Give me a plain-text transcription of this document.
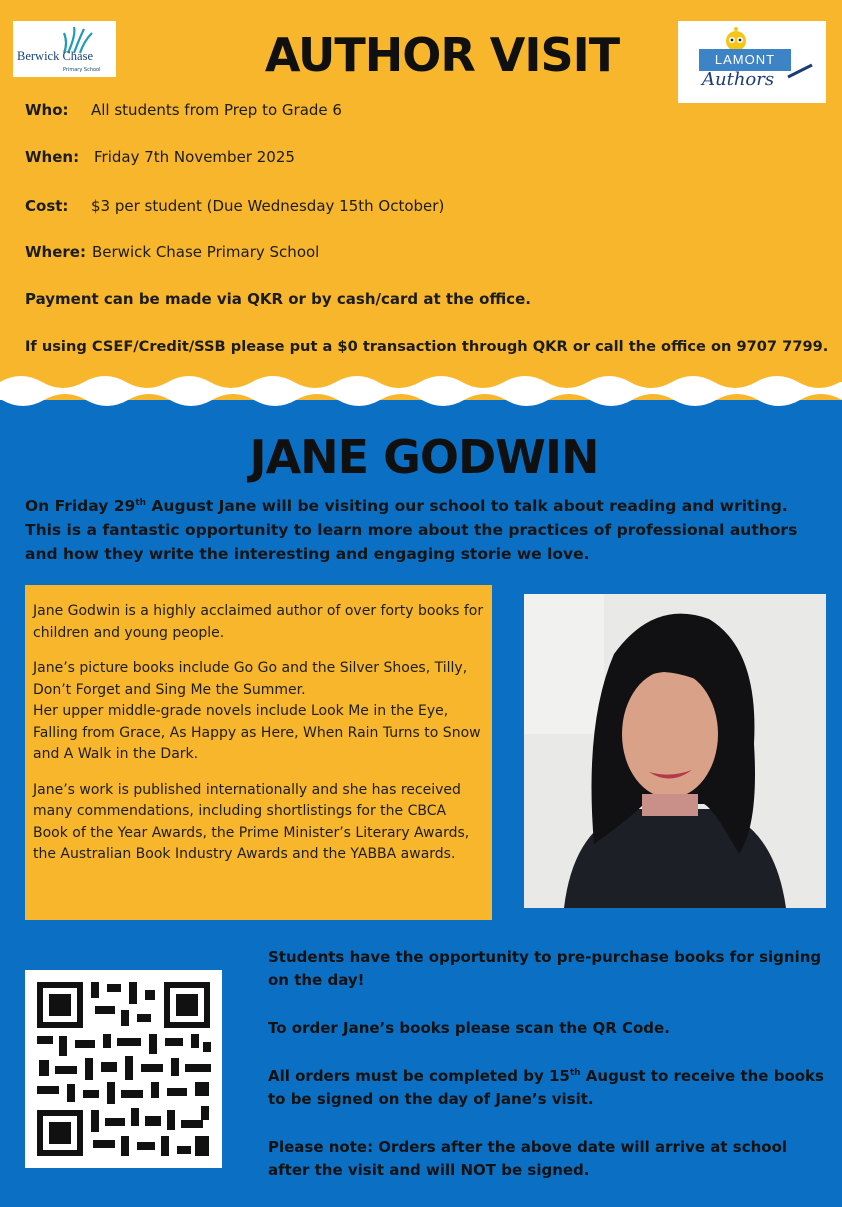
Berwick Chase
Primary School	AUTHOR VISIT	LAMONT
Authors
Who: All students from Prep to Grade 6
When: Friday 7th November 2025
Cost: $3 per student (Due Wednesday 15th October)
Where: Berwick Chase Primary School
Payment can be made via QKR or by cash/card at the office.
If using CSEF/Credit/SSB please put a $0 transaction through QKR or call the office on 9707 7799.
JANE GODWIN
On Friday 29th August Jane will be visiting our school to talk about reading and writing. This is a fantastic opportunity to learn more about the practices of professional authors and how they write the interesting and engaging storie we love.

Jane Godwin is a highly acclaimed author of over forty books for children and young people.

Jane’s picture books include Go Go and the Silver Shoes, Tilly, Don’t Forget and Sing Me the Summer.

Her upper middle-grade novels include Look Me in the Eye, Falling from Grace, As Happy as Here, When Rain Turns to Snow and A Walk in the Dark.

Jane’s work is published internationally and she has received many commendations, including shortlistings for the CBCA Book of the Year Awards, the Prime Minister’s Literary Awards, the Australian Book Industry Awards and the YABBA awards.

Students have the opportunity to pre-purchase books for signing on the day!

To order Jane’s books please scan the QR Code.

All orders must be completed by 15th August to receive the books to be signed on the day of Jane’s visit.

Please note: Orders after the above date will arrive at school after the visit and will NOT be signed.
